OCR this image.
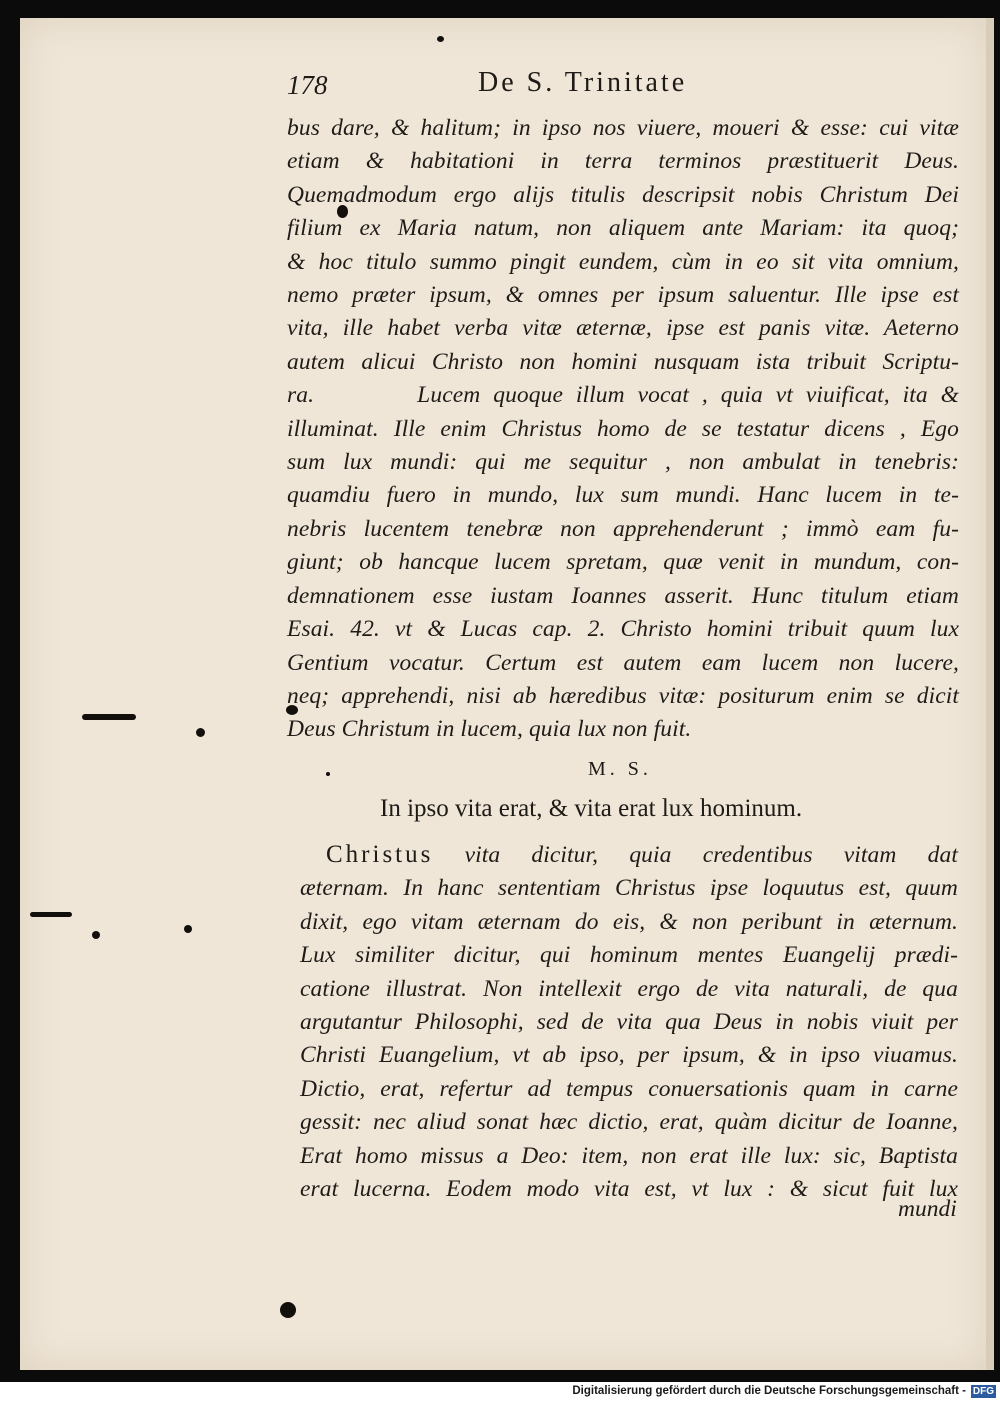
178	De S. Trinitate
bus dare, & halitum; in ipso nos viuere, moueri & esse: cui vitæ
etiam & habitationi in terra terminos præstituerit Deus.
Quemadmodum ergo alijs titulis descripsit nobis Christum Dei
filium ex Maria natum, non aliquem ante Mariam: ita quoq;
& hoc titulo summo pingit eundem, cùm in eo sit vita omnium,
nemo præter ipsum, & omnes per ipsum saluentur. Ille ipse est
vita, ille habet verba vitæ æternæ, ipse est panis vitæ. Aeterno
autem alicui Christo non homini nusquam ista tribuit Scriptu-
ra.        Lucem quoque illum vocat , quia vt viuificat, ita &
illuminat. Ille enim Christus homo de se testatur dicens , Ego
sum lux mundi: qui me sequitur , non ambulat in tenebris:
quamdiu fuero in mundo, lux sum mundi. Hanc lucem in te-
nebris lucentem tenebræ non apprehenderunt ; immò eam fu-
giunt; ob hancque lucem spretam, quæ venit in mundum, con-
demnationem esse iustam Ioannes asserit. Hunc titulum etiam
Esai. 42. vt & Lucas cap. 2. Christo homini tribuit quum lux
Gentium vocatur. Certum est autem eam lucem non lucere,
neq; apprehendi, nisi ab hæredibus vitæ: positurum enim se dicit
Deus Christum in lucem, quia lux non fuit.
M. S.
In ipso vita erat, & vita erat lux hominum.
Christus vita dicitur, quia credentibus vitam dat
æternam. In hanc sententiam Christus ipse loquutus est, quum
dixit, ego vitam æternam do eis, & non peribunt in æternum.
Lux similiter dicitur, qui hominum mentes Euangelij prædi-
catione illustrat. Non intellexit ergo de vita naturali, de qua
argutantur Philosophi, sed de vita qua Deus in nobis viuit per
Christi Euangelium, vt ab ipso, per ipsum, & in ipso viuamus.
Dictio, erat, refertur ad tempus conuersationis quam in carne
gessit: nec aliud sonat hæc dictio, erat, quàm dicitur de Ioanne,
Erat homo missus a Deo: item, non erat ille lux: sic, Baptista
erat lucerna. Eodem modo vita est, vt lux : & sicut fuit lux
mundi
Digitalisierung gefördert durch die Deutsche Forschungsgemeinschaft - DFG
